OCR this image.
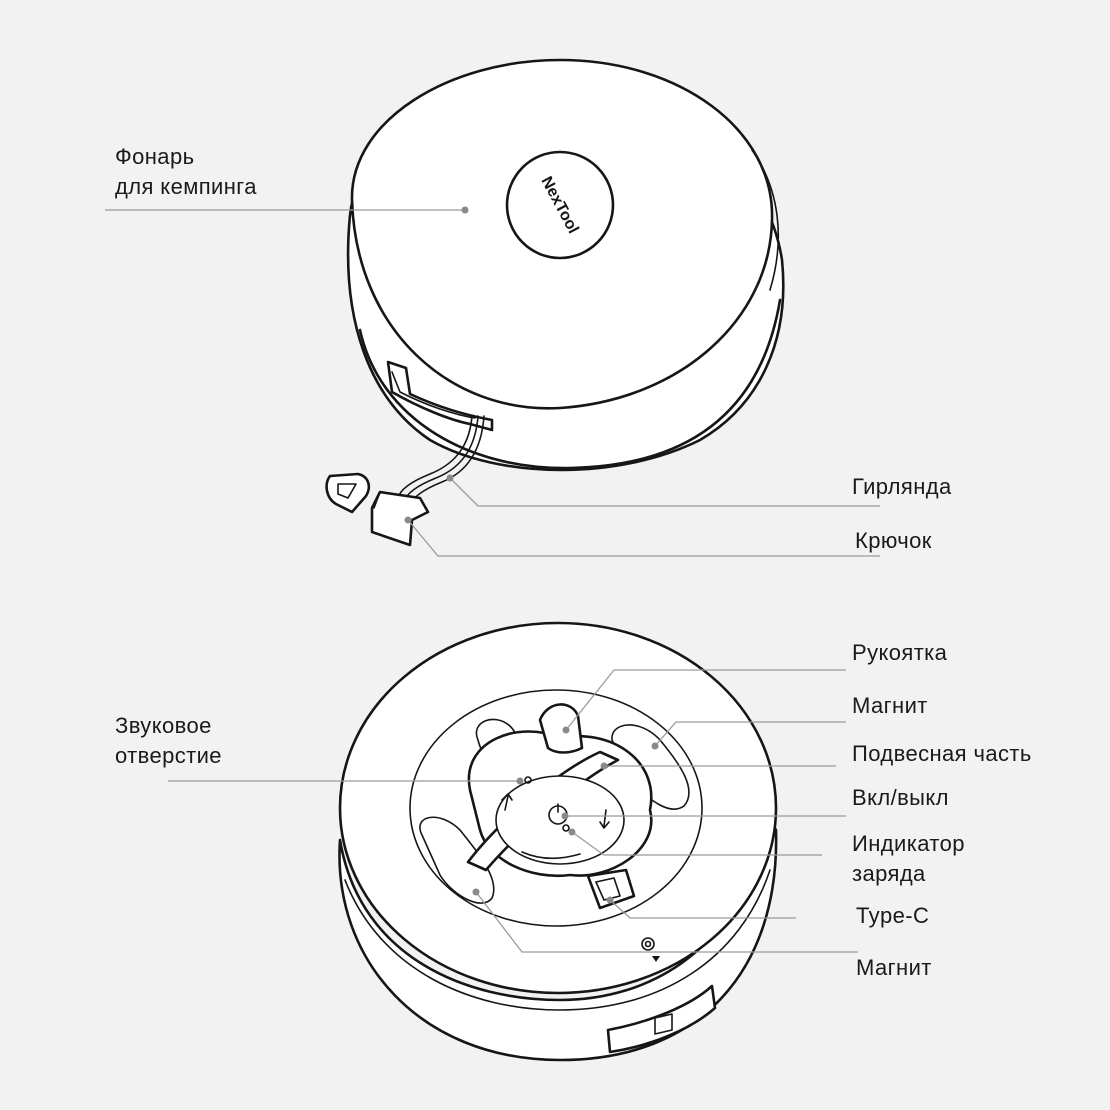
NexTool
Фонарь
для кемпинга
Гирлянда
Крючок
Звуковое
отверстие
Рукоятка
Магнит
Подвесная часть
Вкл/выкл
Индикатор
заряда
Type-C
Магнит
